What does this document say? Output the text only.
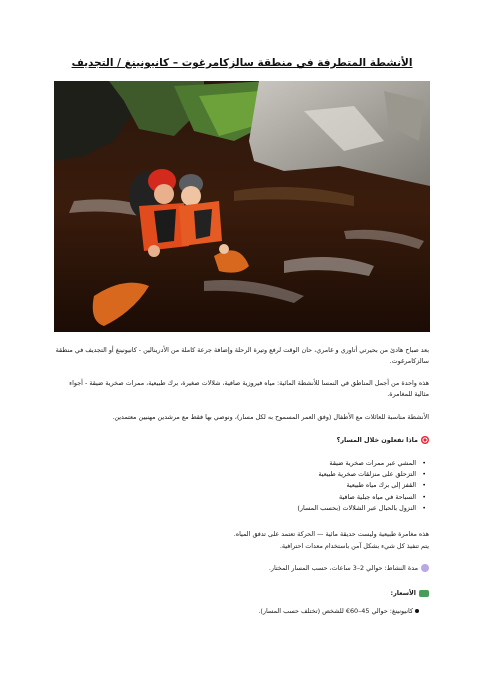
الأنشطة المتطرفة في منطقة سالزكامرغوت – كانيونينغ / التجديف
بعد صباح هادئ من بحيرتي أتاوري و غامري، حان الوقت لرفع وتيرة الرحلة وإضافة جرعة كاملة من الأدرينالين - كانيونينغ أو التجديف في منطقة سالزكامرغوت.
هذه واحدة من أجمل المناطق في النمسا للأنشطة المائية: مياه فيروزية صافية، شلالات صغيرة، برك طبيعية، ممرات صخرية ضيقة - أجواء مثالية للمغامرة.
الأنشطة مناسبة للعائلات مع الأطفال (وفق العمر المسموح به لكل مسار)، ونوصي بها فقط مع مرشدين مهنيين معتمدين.
ماذا تفعلون خلال المسار؟
• المشي عبر ممرات صخرية ضيقة
• التزحلق على منزلقات صخرية طبيعية
• القفز إلى برك مياه طبيعية
• السباحة في مياه جبلية صافية
• النزول بالحبال عبر الشلالات (بحسب المسار)
هذه مغامرة طبيعية وليست حديقة مائية — الحركة تعتمد على تدفق المياه.
يتم تنفيذ كل شيء بشكل آمن باستخدام معدات احترافية.
مدة النشاط: حوالي 2–3 ساعات، حسب المسار المختار.
الأسعار:
كانيونينغ: حوالي 45–60€ للشخص (تختلف حسب المسار).
